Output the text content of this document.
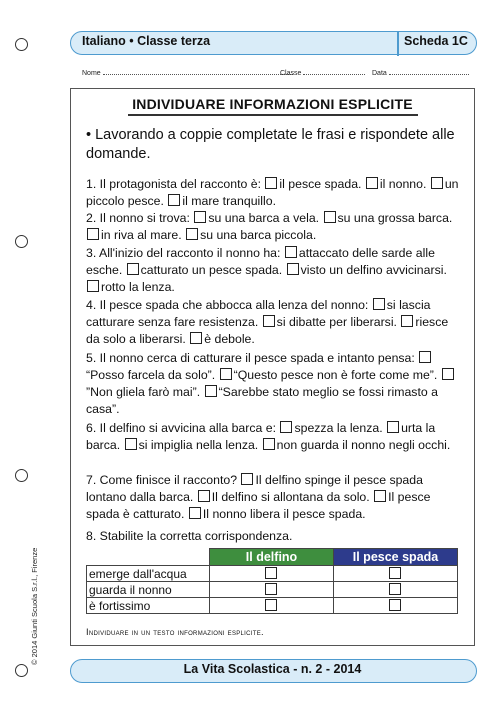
Italiano • Classe terza	Scheda 1C
Nome	Classe	Data
INDIVIDUARE INFORMAZIONI ESPLICITE
• Lavorando a coppie completate le frasi e rispondete alle domande.
1. Il protagonista del racconto è: il pesce spada. il nonno. un piccolo pesce. il mare tranquillo.
2. Il nonno si trova: su una barca a vela. su una grossa barca. in riva al mare. su una barca piccola.
3. All'inizio del racconto il nonno ha: attaccato delle sarde alle esche. catturato un pesce spada. visto un delfino avvicinarsi. rotto la lenza.
4. Il pesce spada che abbocca alla lenza del nonno: si lascia catturare senza fare resistenza. si dibatte per liberarsi. riesce da solo a liberarsi. è debole.
5. Il nonno cerca di catturare il pesce spada e intanto pensa: “Posso farcela da solo”. “Questo pesce non è forte come me”. ”Non gliela farò mai”. “Sarebbe stato meglio se fossi rimasto a casa”.
6. Il delfino si avvicina alla barca e: spezza la lenza. urta la barca. si impiglia nella lenza. non guarda il nonno negli occhi.
7. Come finisce il racconto? Il delfino spinge il pesce spada lontano dalla barca. Il delfino si allontana da solo. Il pesce spada è catturato. Il nonno libera il pesce spada.
8. Stabilite la corretta corrispondenza.
	Il delfino	Il pesce spada
emerge dall'acqua		
guarda il nonno		
è fortissimo		
Individuare in un testo informazioni esplicite.
La Vita Scolastica - n. 2 - 2014
© 2014 Giunti Scuola S.r.l., Firenze
